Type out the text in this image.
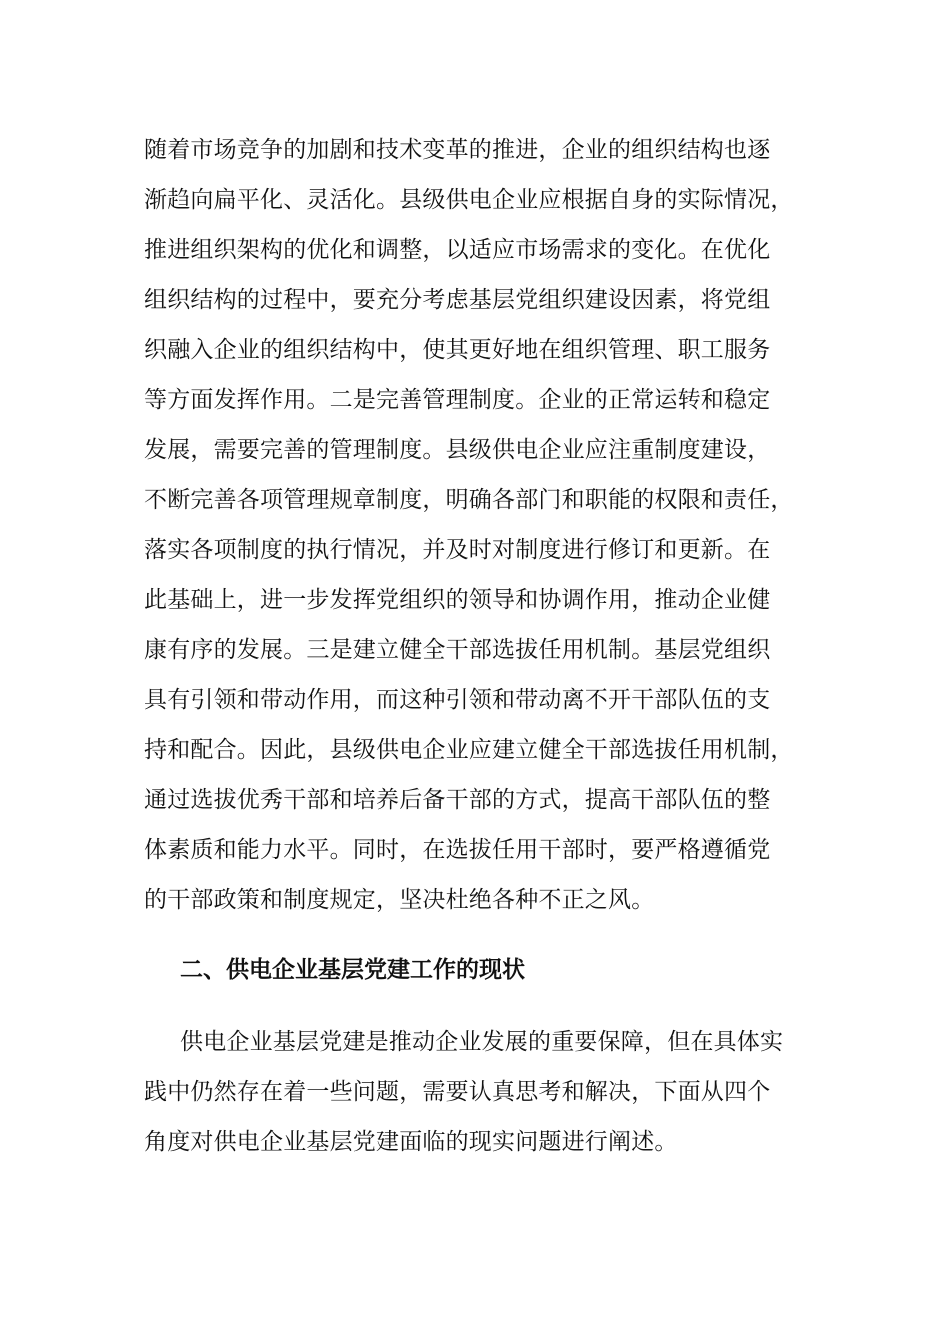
随着市场竞争的加剧和技术变革的推进，企业的组织结构也逐
渐趋向扁平化、灵活化。县级供电企业应根据自身的实际情况，
推进组织架构的优化和调整，以适应市场需求的变化。在优化
组织结构的过程中，要充分考虑基层党组织建设因素，将党组
织融入企业的组织结构中，使其更好地在组织管理、职工服务
等方面发挥作用。二是完善管理制度。企业的正常运转和稳定
发展，需要完善的管理制度。县级供电企业应注重制度建设，
不断完善各项管理规章制度，明确各部门和职能的权限和责任，
落实各项制度的执行情况，并及时对制度进行修订和更新。在
此基础上，进一步发挥党组织的领导和协调作用，推动企业健
康有序的发展。三是建立健全干部选拔任用机制。基层党组织
具有引领和带动作用，而这种引领和带动离不开干部队伍的支
持和配合。因此，县级供电企业应建立健全干部选拔任用机制，
通过选拔优秀干部和培养后备干部的方式，提高干部队伍的整
体素质和能力水平。同时，在选拔任用干部时，要严格遵循党
的干部政策和制度规定，坚决杜绝各种不正之风。
二、供电企业基层党建工作的现状
供电企业基层党建是推动企业发展的重要保障，但在具体实
践中仍然存在着一些问题，需要认真思考和解决，下面从四个
角度对供电企业基层党建面临的现实问题进行阐述。
